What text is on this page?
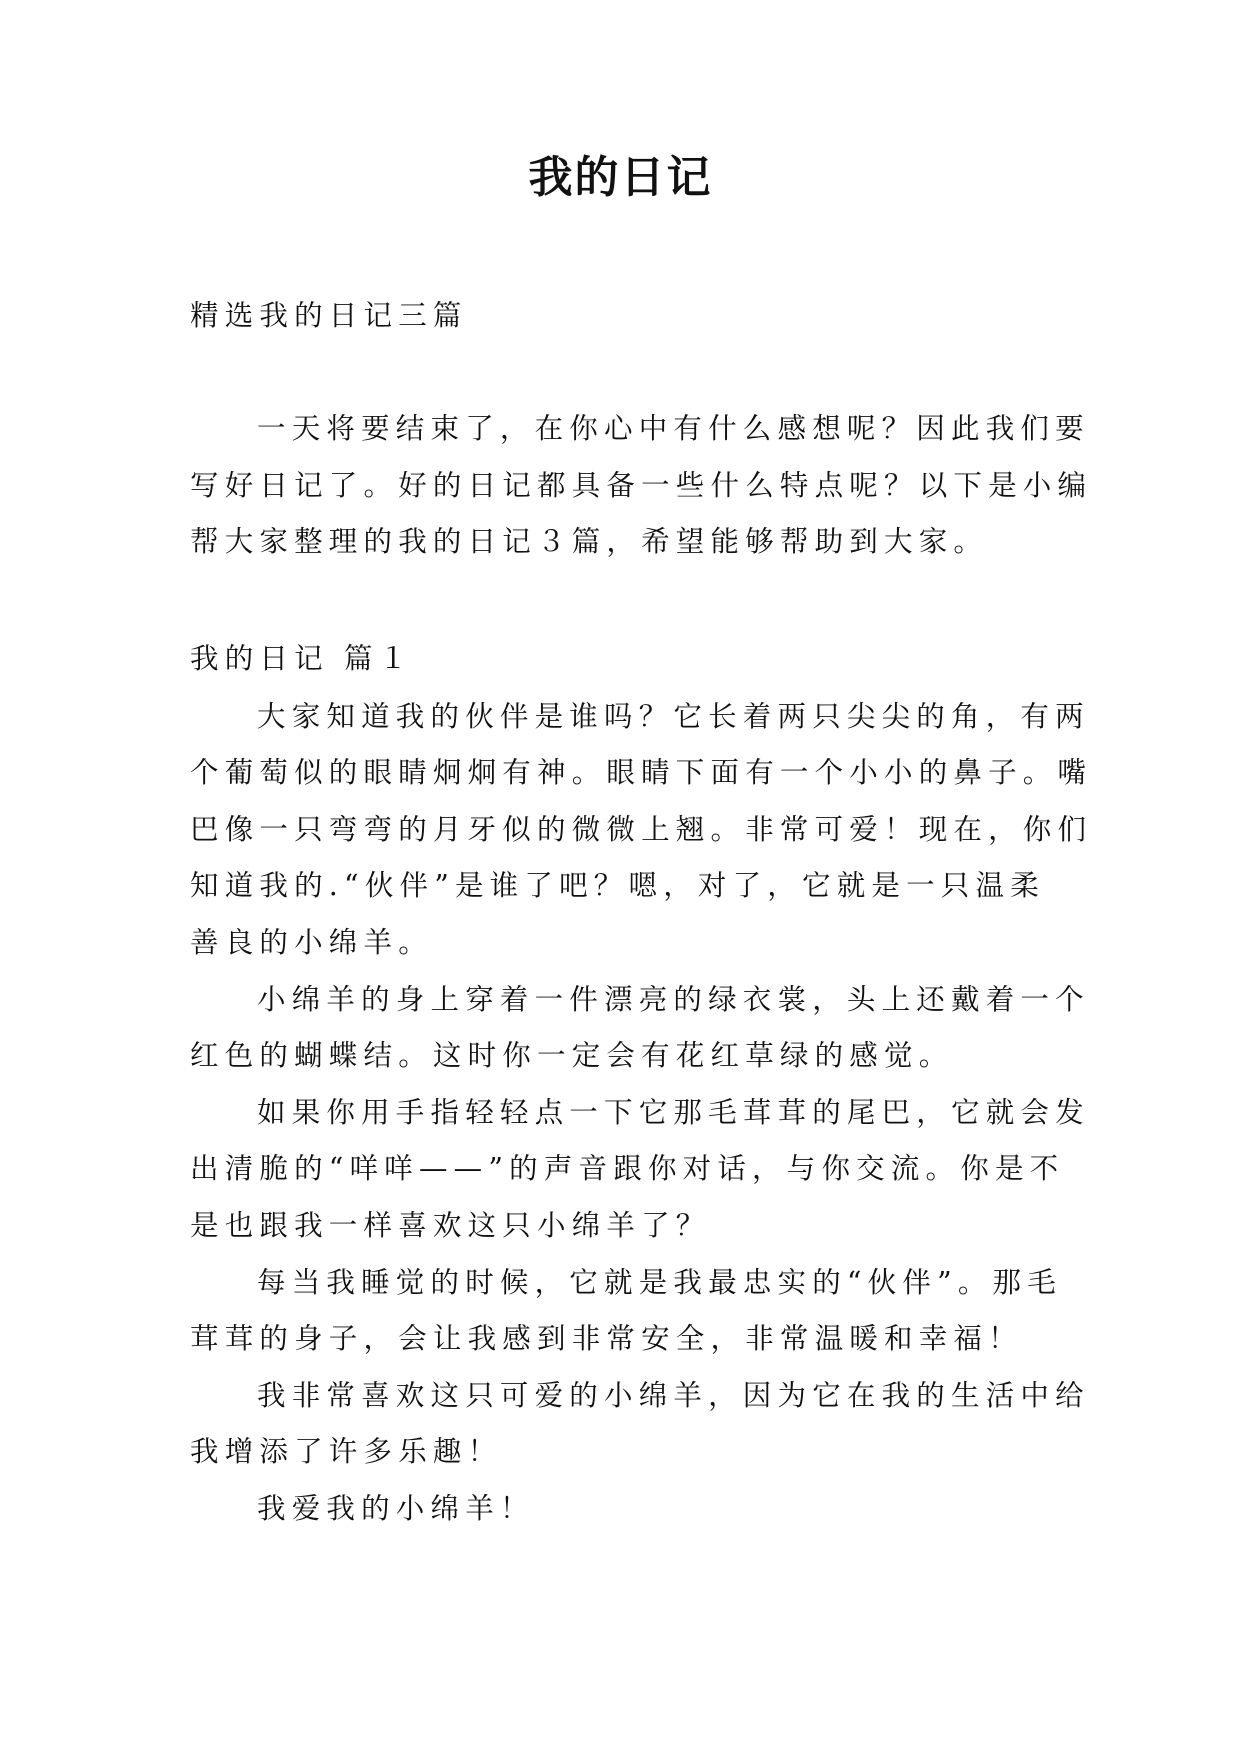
我的日记
精选我的日记三篇
一天将要结束了，在你心中有什么感想呢？因此我们要
写好日记了。好的日记都具备一些什么特点呢？以下是小编
帮大家整理的我的日记３篇，希望能够帮助到大家。
我的日记 篇１
大家知道我的伙伴是谁吗？它长着两只尖尖的角，有两
个葡萄似的眼睛炯炯有神。眼睛下面有一个小小的鼻子。嘴
巴像一只弯弯的月牙似的微微上翘。非常可爱！现在，你们
知道我的.“伙伴”是谁了吧？嗯，对了，它就是一只温柔
善良的小绵羊。
小绵羊的身上穿着一件漂亮的绿衣裳，头上还戴着一个
红色的蝴蝶结。这时你一定会有花红草绿的感觉。
如果你用手指轻轻点一下它那毛茸茸的尾巴，它就会发
出清脆的“咩咩——”的声音跟你对话，与你交流。你是不
是也跟我一样喜欢这只小绵羊了？
每当我睡觉的时候，它就是我最忠实的“伙伴”。那毛
茸茸的身子，会让我感到非常安全，非常温暖和幸福！
我非常喜欢这只可爱的小绵羊，因为它在我的生活中给
我增添了许多乐趣！
我爱我的小绵羊！
